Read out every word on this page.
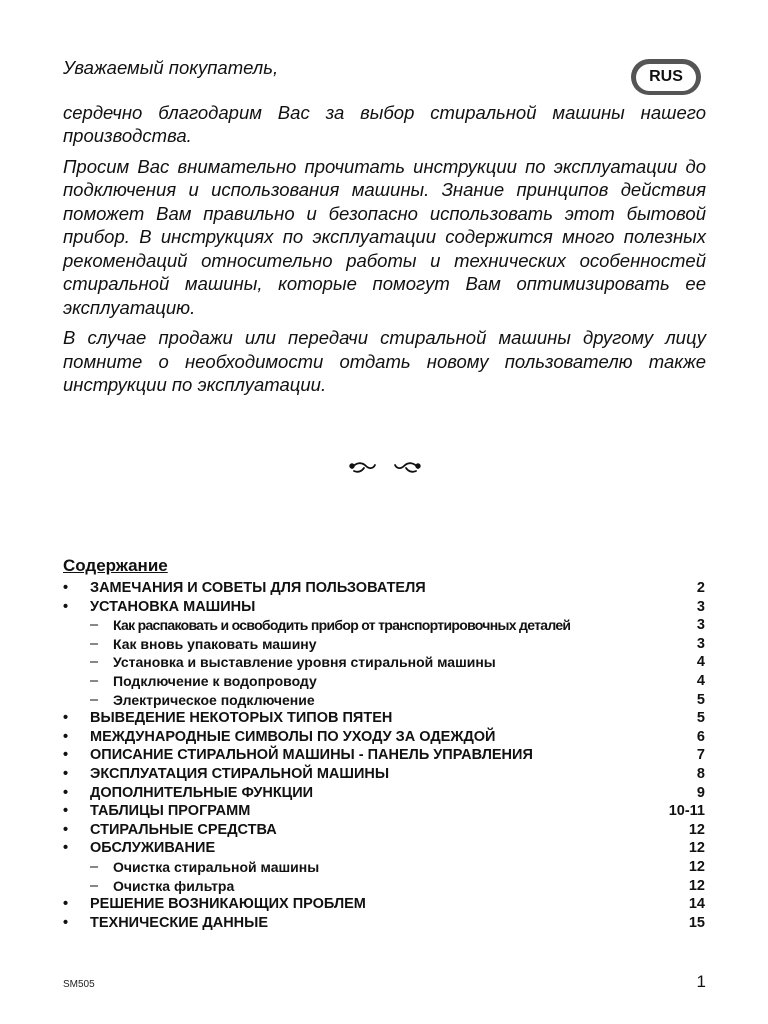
RUS

Уважаемый покупатель,

сердечно благодарим Вас за выбор стиральной машины нашего производства.

Просим Вас внимательно прочитать инструкции по эксплуатации до подключения и использования машины. Знание принципов действия поможет Вам правильно и безопасно использовать этот бытовой прибор. В инструкциях по эксплуатации содержится много полезных рекомендаций относительно работы и технических особенностей стиральной машины, которые помогут Вам оптимизировать ее эксплуатацию.

В случае продажи или передачи стиральной машины другому лицу помните о необходимости отдать новому пользователю также инструкции по эксплуатации.

Содержание
•	ЗАМЕЧАНИЯ И СОВЕТЫ ДЛЯ ПОЛЬЗОВАТЕЛЯ	2
•	УСТАНОВКА МАШИНЫ	3
–	Как распаковать и освободить прибор от транспортировочных деталей	3
–	Как вновь упаковать машину	3
–	Установка и выставление уровня стиральной машины	4
–	Подключение к водопроводу	4
–	Электрическое подключение	5
•	ВЫВЕДЕНИЕ НЕКОТОРЫХ ТИПОВ ПЯТЕН	5
•	МЕЖДУНАРОДНЫЕ СИМВОЛЫ ПО УХОДУ ЗА ОДЕЖДОЙ	6
•	ОПИСАНИЕ СТИРАЛЬНОЙ МАШИНЫ - ПАНЕЛЬ УПРАВЛЕНИЯ	7
•	ЭКСПЛУАТАЦИЯ СТИРАЛЬНОЙ МАШИНЫ	8
•	ДОПОЛНИТЕЛЬНЫЕ ФУНКЦИИ	9
•	ТАБЛИЦЫ ПРОГРАММ	10-11
•	СТИРАЛЬНЫЕ СРЕДСТВА	12
•	ОБСЛУЖИВАНИЕ	12
–	Очистка стиральной машины	12
–	Очистка фильтра	12
•	РЕШЕНИЕ ВОЗНИКАЮЩИХ ПРОБЛЕМ	14
•	ТЕХНИЧЕСКИЕ ДАННЫЕ	15
SM505	1
